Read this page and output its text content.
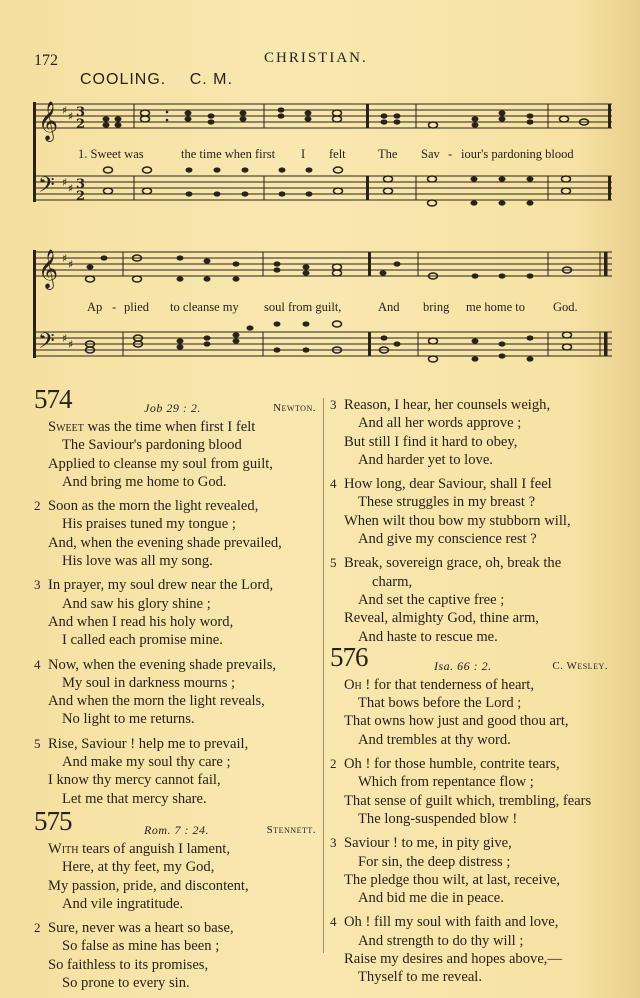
172	CHRISTIAN.
COOLING. C. M.
𝄞
𝄢
♯ ♯
♯ ♯
3
2
3
2
1. Sweet was	the time when first I felt	The Sav - iour's pardoning blood
𝄞
𝄢
♯ ♯
♯ ♯
Ap - plied to cleanse my soul from guilt,	And bring me home to God.
574	Job 29 : 2.	Newton.
Sweet was the time when first I felt
The Saviour's pardoning blood
Applied to cleanse my soul from guilt,
And bring me home to God.
2 Soon as the morn the light revealed,
His praises tuned my tongue ;
And, when the evening shade prevailed,
His love was all my song.
3 In prayer, my soul drew near the Lord,
And saw his glory shine ;
And when I read his holy word,
I called each promise mine.
4 Now, when the evening shade prevails,
My soul in darkness mourns ;
And when the morn the light reveals,
No light to me returns.
5 Rise, Saviour ! help me to prevail,
And make my soul thy care ;
I know thy mercy cannot fail,
Let me that mercy share.
575	Rom. 7 : 24.	Stennett.
With tears of anguish I lament,
Here, at thy feet, my God,
My passion, pride, and discontent,
And vile ingratitude.
2 Sure, never was a heart so base,
So false as mine has been ;
So faithless to its promises,
So prone to every sin.
3 Reason, I hear, her counsels weigh,
And all her words approve ;
But still I find it hard to obey,
And harder yet to love.
4 How long, dear Saviour, shall I feel
These struggles in my breast ?
When wilt thou bow my stubborn will,
And give my conscience rest ?
5 Break, sovereign grace, oh, break the
charm,
And set the captive free ;
Reveal, almighty God, thine arm,
And haste to rescue me.
576	Isa. 66 : 2.	C. Wesley.
Oh ! for that tenderness of heart,
That bows before the Lord ;
That owns how just and good thou art,
And trembles at thy word.
2 Oh ! for those humble, contrite tears,
Which from repentance flow ;
That sense of guilt which, trembling, fears
The long-suspended blow !
3 Saviour ! to me, in pity give,
For sin, the deep distress ;
The pledge thou wilt, at last, receive,
And bid me die in peace.
4 Oh ! fill my soul with faith and love,
And strength to do thy will ;
Raise my desires and hopes above,—
Thyself to me reveal.
